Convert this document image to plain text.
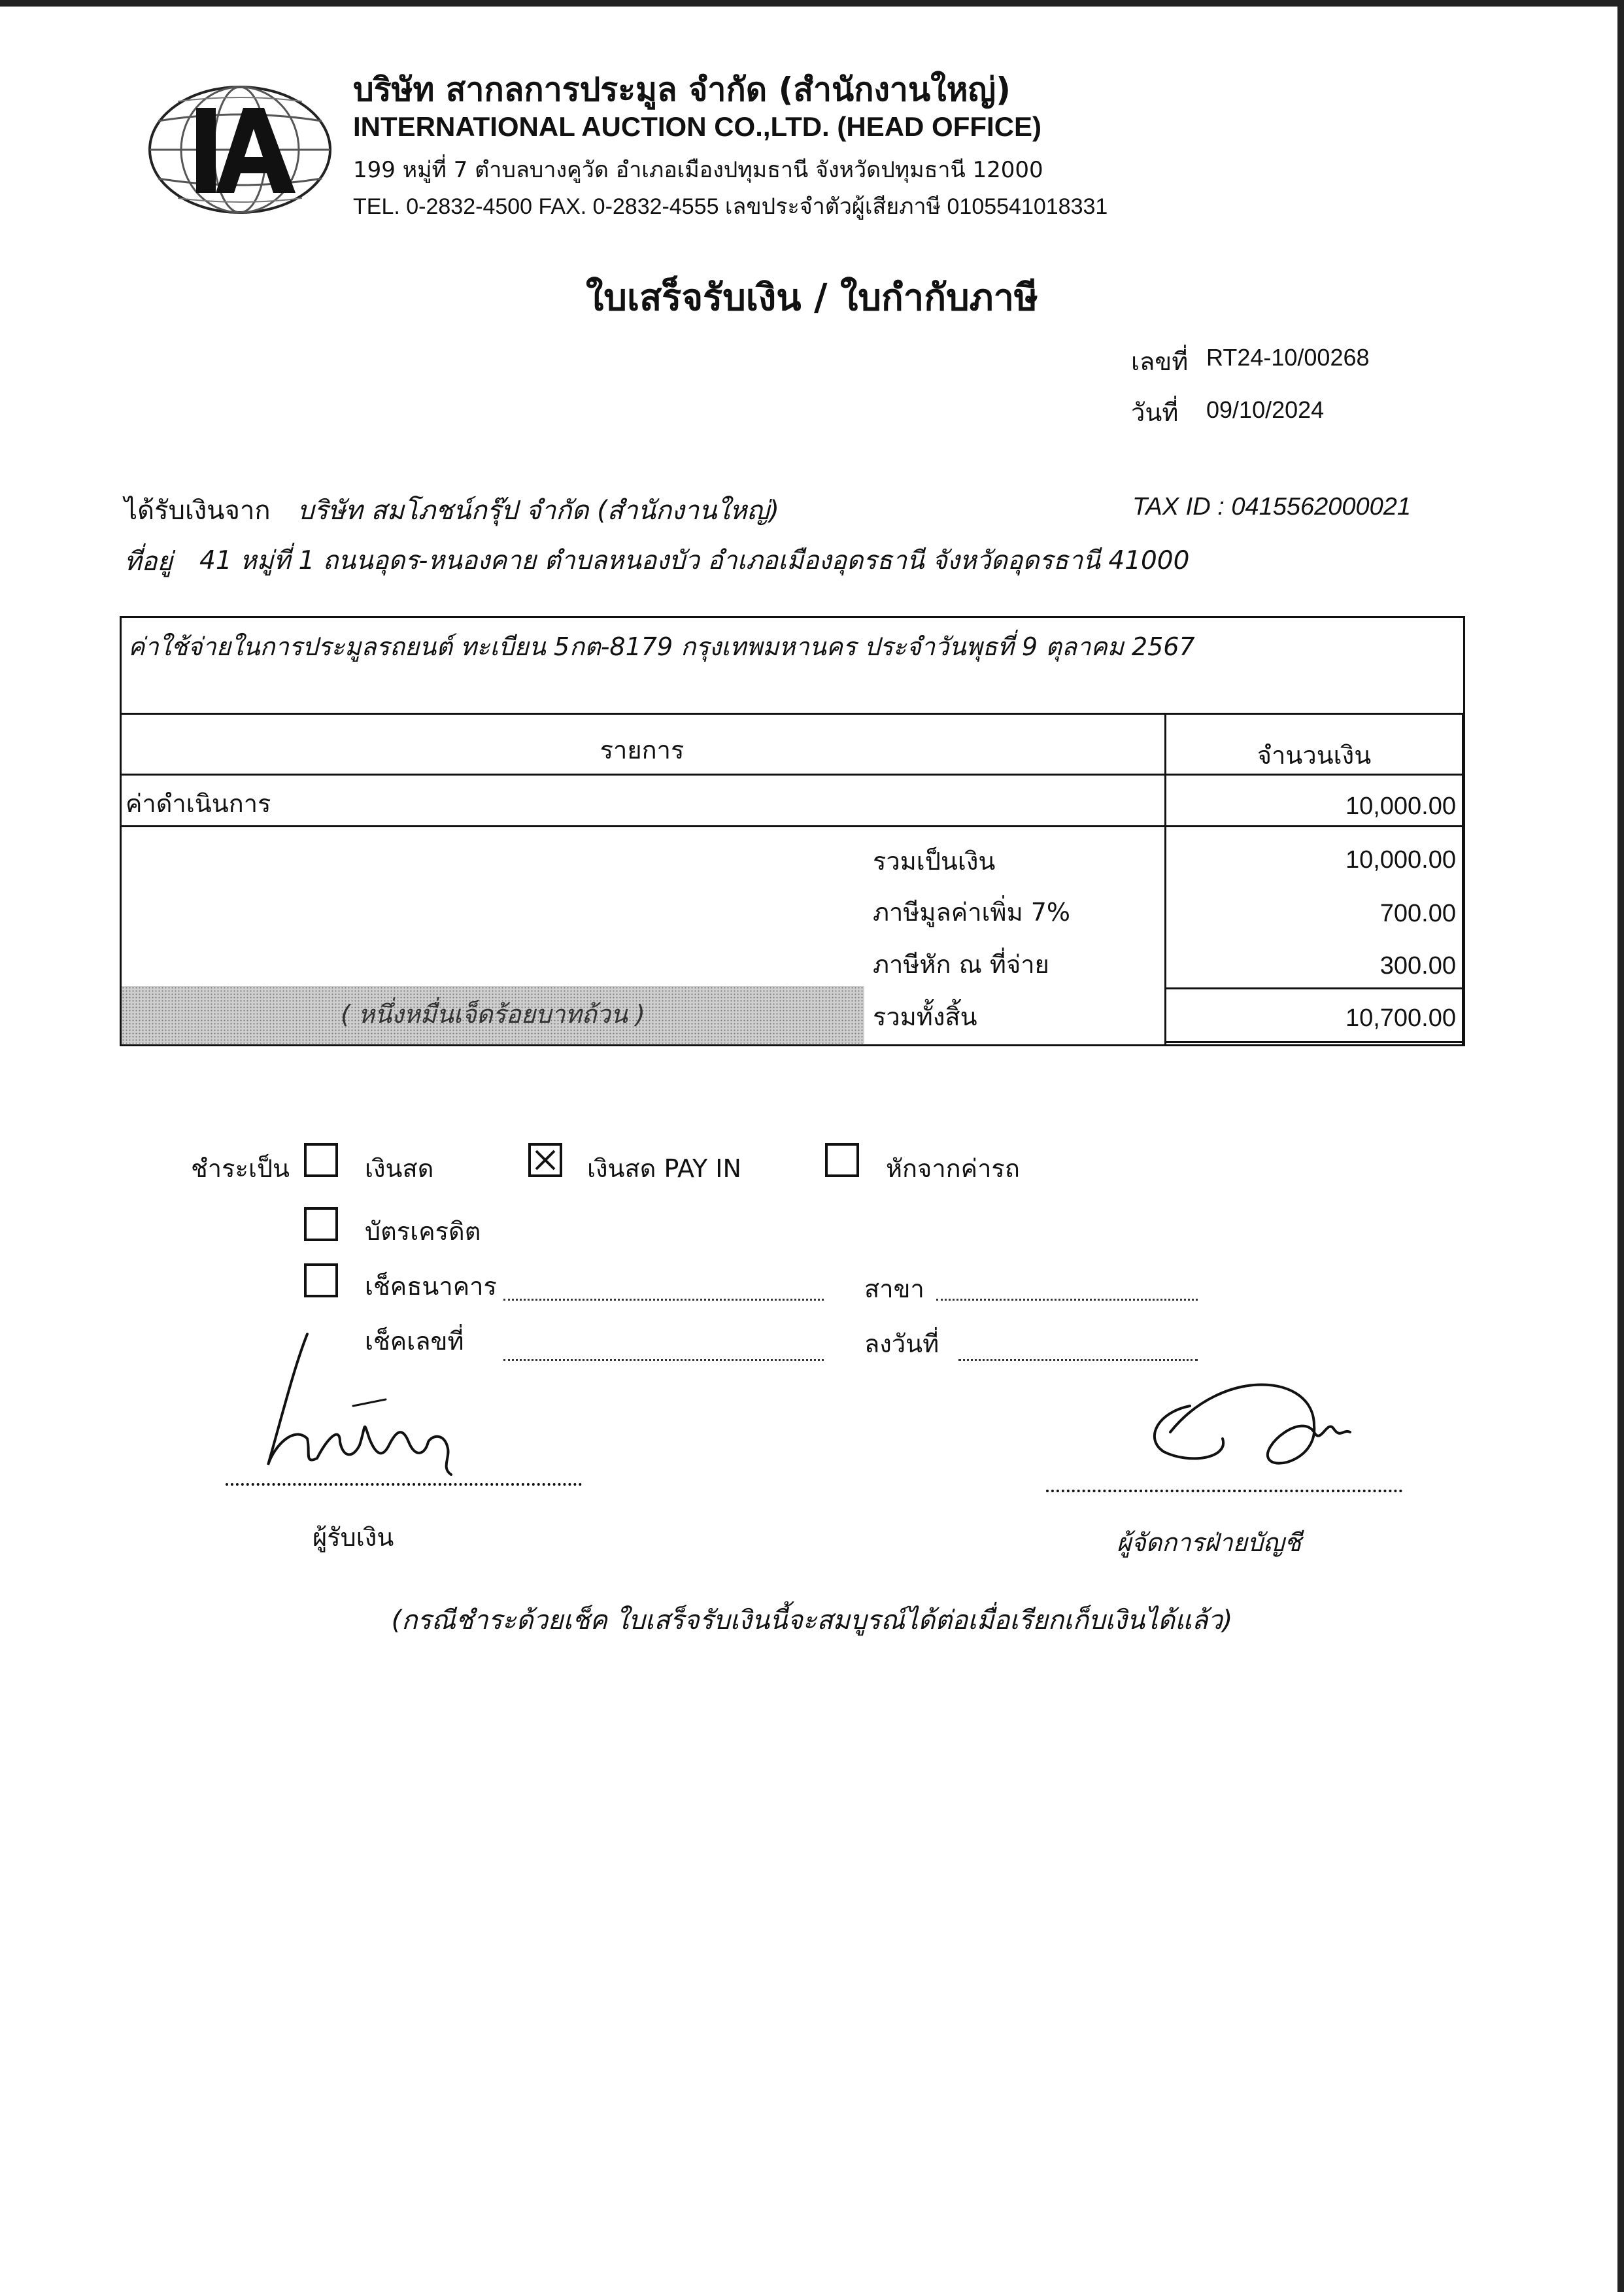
บริษัท สากลการประมูล จำกัด (สำนักงานใหญ่)
INTERNATIONAL AUCTION CO.,LTD. (HEAD OFFICE)
199 หมู่ที่ 7 ตำบลบางคูวัด อำเภอเมืองปทุมธานี จังหวัดปทุมธานี 12000
TEL. 0-2832-4500 FAX. 0-2832-4555 เลขประจำตัวผู้เสียภาษี 0105541018331
ใบเสร็จรับเงิน / ใบกำกับภาษี
เลขที่ RT24-10/00268
วันที่ 09/10/2024
ได้รับเงินจาก บริษัท สมโภชน์กรุ๊ป จำกัด (สำนักงานใหญ่)	TAX ID : 0415562000021
ที่อยู่ 41 หมู่ที่ 1 ถนนอุดร-หนองคาย ตำบลหนองบัว อำเภอเมืองอุดรธานี จังหวัดอุดรธานี 41000
ค่าใช้จ่ายในการประมูลรถยนต์ ทะเบียน 5กต-8179 กรุงเทพมหานคร ประจำวันพุธที่ 9 ตุลาคม 2567
รายการ	จำนวนเงิน
ค่าดำเนินการ	10,000.00
รวมเป็นเงิน	10,000.00
ภาษีมูลค่าเพิ่ม 7%	700.00
ภาษีหัก ณ ที่จ่าย	300.00
( หนึ่งหมื่นเจ็ดร้อยบาทถ้วน )	รวมทั้งสิ้น	10,700.00
ชำระเป็น	เงินสด	เงินสด PAY IN	หักจากค่ารถ
บัตรเครดิต
เช็คธนาคาร	สาขา
เช็คเลขที่	ลงวันที่
ผู้รับเงิน	ผู้จัดการฝ่ายบัญชี
(กรณีชำระด้วยเช็ค ใบเสร็จรับเงินนี้จะสมบูรณ์ได้ต่อเมื่อเรียกเก็บเงินได้แล้ว)
